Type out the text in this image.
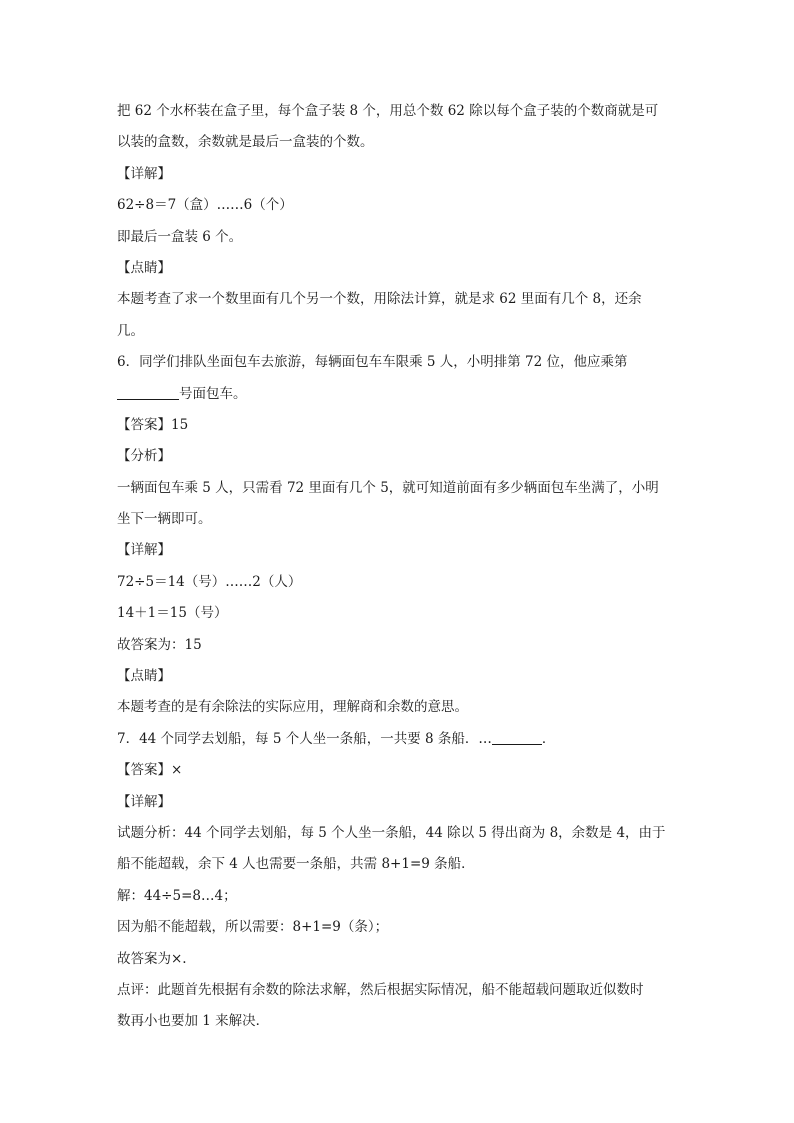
把 62 个水杯装在盒子里，每个盒子装 8 个，用总个数 62 除以每个盒子装的个数商就是可
以装的盒数，余数就是最后一盒装的个数。
【详解】
62÷8＝7（盒）……6（个）
即最后一盒装 6 个。
【点睛】
本题考查了求一个数里面有几个另一个数，用除法计算，就是求 62 里面有几个 8，还余
几。
6．同学们排队坐面包车去旅游，每辆面包车车限乘 5 人，小明排第 72 位，他应乘第
号面包车。
【答案】15
【分析】
一辆面包车乘 5 人，只需看 72 里面有几个 5，就可知道前面有多少辆面包车坐满了，小明
坐下一辆即可。
【详解】
72÷5＝14（号）……2（人）
14＋1＝15（号）
故答案为：15
【点睛】
本题考查的是有余除法的实际应用，理解商和余数的意思。
7．44 个同学去划船，每 5 个人坐一条船，一共要 8 条船．…	．
【答案】×
【详解】
试题分析：44 个同学去划船，每 5 个人坐一条船，44 除以 5 得出商为 8，余数是 4，由于
船不能超载，余下 4 人也需要一条船，共需 8+1=9 条船．
解：44÷5=8…4；
因为船不能超载，所以需要：8+1=9（条）；
故答案为×.
点评：此题首先根据有余数的除法求解，然后根据实际情况，船不能超载问题取近似数时
数再小也要加 1 来解决．
